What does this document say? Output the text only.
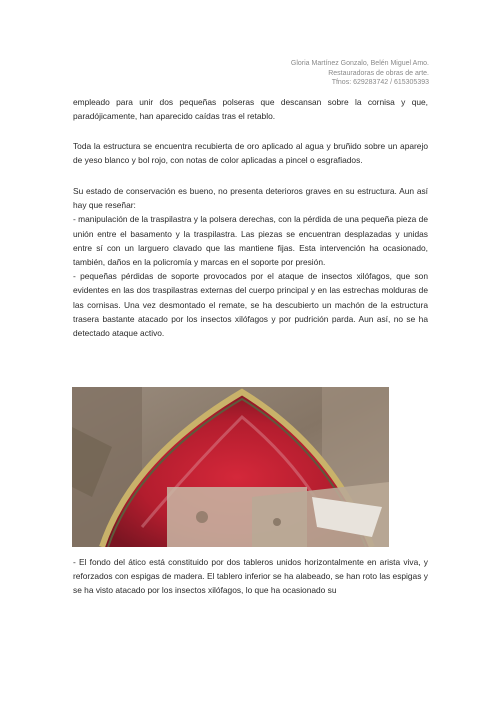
Gloria Martínez Gonzalo, Belén Miguel Amo.
Restauradoras de obras de arte.
Tfnos: 629283742 / 615305393

empleado para unir dos pequeñas polseras que descansan sobre la cornisa y que, paradójicamente, han aparecido caídas tras el retablo.

Toda la estructura se encuentra recubierta de oro aplicado al agua y bruñido sobre un aparejo de yeso blanco y bol rojo, con notas de color aplicadas a pincel o esgrafiados.

Su estado de conservación es bueno, no presenta deterioros graves en su estructura. Aun así hay que reseñar:

- manipulación de la traspilastra y la polsera derechas, con la pérdida de una pequeña pieza de unión entre el basamento y la traspilastra. Las piezas se encuentran desplazadas y unidas entre sí con un larguero clavado que las mantiene fijas. Esta intervención ha ocasionado, también, daños en la policromía y marcas en el soporte por presión.

- pequeñas pérdidas de soporte provocados por el ataque de insectos xilófagos, que son evidentes en las dos traspilastras externas del cuerpo principal y en las estrechas molduras de las cornisas. Una vez desmontado el remate, se ha descubierto un machón de la estructura trasera bastante atacado por los insectos xilófagos y por pudrición parda. Aun así, no se ha detectado ataque activo.

- El fondo del ático está constituido por dos tableros unidos horizontalmente en arista viva, y reforzados con espigas de madera. El tablero inferior se ha alabeado, se han roto las espigas y se ha visto atacado por los insectos xilófagos, lo que ha ocasionado su
